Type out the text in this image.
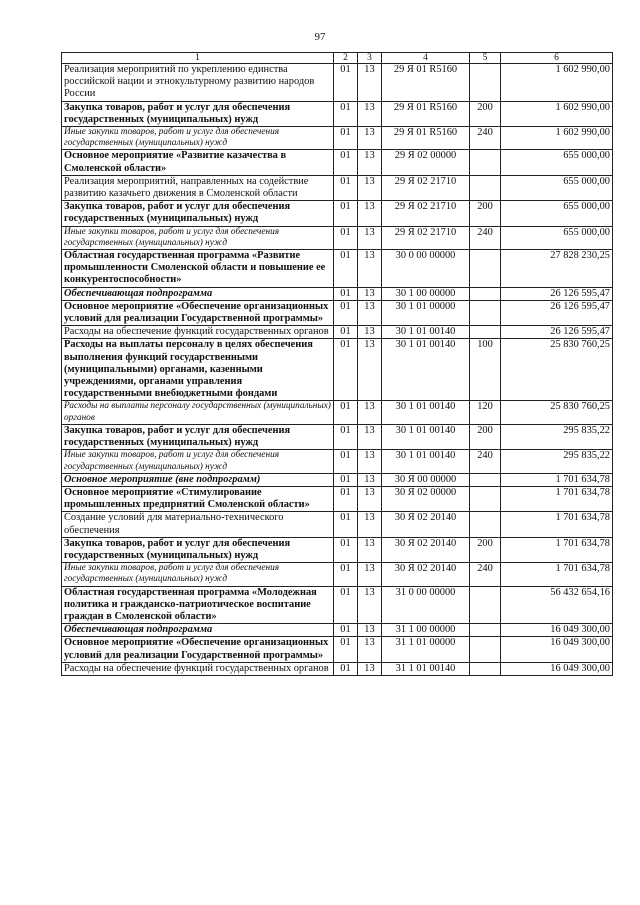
97
1	2	3	4	5	6
Реализация мероприятий по укреплению единства российской нации и этнокультурному развитию народов России	01	13	29 Я 01 R5160		1 602 990,00
Закупка товаров, работ и услуг для обеспечения государственных (муниципальных) нужд	01	13	29 Я 01 R5160	200	1 602 990,00
Иные закупки товаров, работ и услуг для обеспечения государственных (муниципальных) нужд	01	13	29 Я 01 R5160	240	1 602 990,00
Основное мероприятие «Развитие казачества в Смоленской области»	01	13	29 Я 02 00000		655 000,00
Реализация мероприятий, направленных на содействие развитию казачьего движения в Смоленской области	01	13	29 Я 02 21710		655 000,00
Закупка товаров, работ и услуг для обеспечения государственных (муниципальных) нужд	01	13	29 Я 02 21710	200	655 000,00
Иные закупки товаров, работ и услуг для обеспечения государственных (муниципальных) нужд	01	13	29 Я 02 21710	240	655 000,00
Областная государственная программа «Развитие промышленности Смоленской области и повышение ее конкурентоспособности»	01	13	30 0 00 00000		27 828 230,25
Обеспечивающая подпрограмма	01	13	30 1 00 00000		26 126 595,47
Основное мероприятие «Обеспечение организационных условий для реализации Государственной программы»	01	13	30 1 01 00000		26 126 595,47
Расходы на обеспечение функций государственных органов	01	13	30 1 01 00140		26 126 595,47
Расходы на выплаты персоналу в целях обеспечения выполнения функций государственными (муниципальными) органами, казенными учреждениями, органами управления государственными внебюджетными фондами	01	13	30 1 01 00140	100	25 830 760,25
Расходы на выплаты персоналу государственных (муниципальных) органов	01	13	30 1 01 00140	120	25 830 760,25
Закупка товаров, работ и услуг для обеспечения государственных (муниципальных) нужд	01	13	30 1 01 00140	200	295 835,22
Иные закупки товаров, работ и услуг для обеспечения государственных (муниципальных) нужд	01	13	30 1 01 00140	240	295 835,22
Основное мероприятие (вне подпрограмм)	01	13	30 Я 00 00000		1 701 634,78
Основное мероприятие «Стимулирование промышленных предприятий Смоленской области»	01	13	30 Я 02 00000		1 701 634,78
Создание условий для материально-технического обеспечения	01	13	30 Я 02 20140		1 701 634,78
Закупка товаров, работ и услуг для обеспечения государственных (муниципальных) нужд	01	13	30 Я 02 20140	200	1 701 634,78
Иные закупки товаров, работ и услуг для обеспечения государственных (муниципальных) нужд	01	13	30 Я 02 20140	240	1 701 634,78
Областная государственная программа «Молодежная политика и гражданско-патриотическое воспитание граждан в Смоленской области»	01	13	31 0 00 00000		56 432 654,16
Обеспечивающая подпрограмма	01	13	31 1 00 00000		16 049 300,00
Основное мероприятие «Обеспечение организационных условий для реализации Государственной программы»	01	13	31 1 01 00000		16 049 300,00
Расходы на обеспечение функций государственных органов	01	13	31 1 01 00140		16 049 300,00
